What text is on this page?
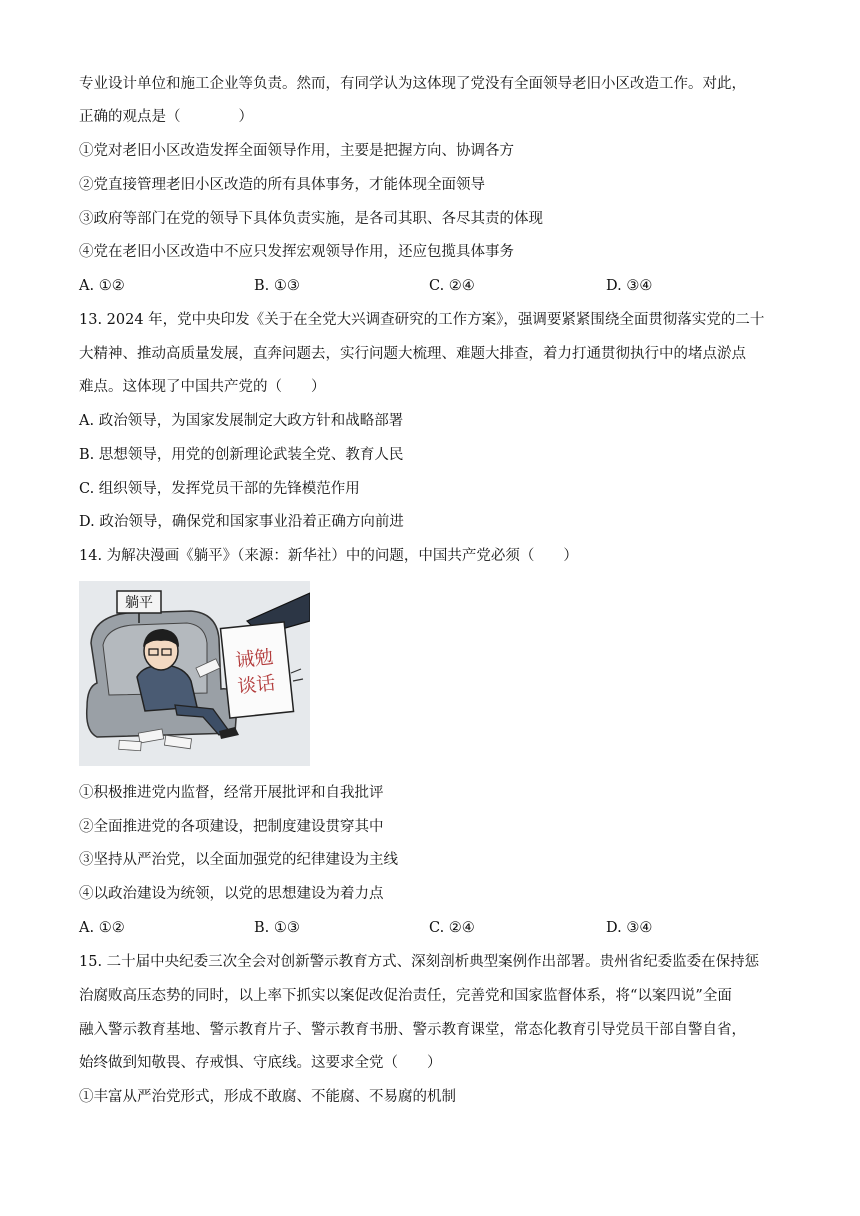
专业设计单位和施工企业等负责。然而，有同学认为这体现了党没有全面领导老旧小区改造工作。对此，
正确的观点是（　　　　）
①党对老旧小区改造发挥全面领导作用，主要是把握方向、协调各方
②党直接管理老旧小区改造的所有具体事务，才能体现全面领导
③政府等部门在党的领导下具体负责实施，是各司其职、各尽其责的体现
④党在老旧小区改造中不应只发挥宏观领导作用，还应包揽具体事务
A. ①②	B. ①③	C. ②④	D. ③④
13. 2024 年，党中央印发《关于在全党大兴调查研究的工作方案》，强调要紧紧围绕全面贯彻落实党的二十
大精神、推动高质量发展，直奔问题去，实行问题大梳理、难题大排查，着力打通贯彻执行中的堵点淤点
难点。这体现了中国共产党的（　　）
A. 政治领导，为国家发展制定大政方针和战略部署
B. 思想领导，用党的创新理论武装全党、教育人民
C. 组织领导，发挥党员干部的先锋模范作用
D. 政治领导，确保党和国家事业沿着正确方向前进
14. 为解决漫画《躺平》（来源：新华社）中的问题，中国共产党必须（　　）
躺平
诫勉
谈话
①积极推进党内监督，经常开展批评和自我批评
②全面推进党的各项建设，把制度建设贯穿其中
③坚持从严治党，以全面加强党的纪律建设为主线
④以政治建设为统领，以党的思想建设为着力点
A. ①②	B. ①③	C. ②④	D. ③④
15. 二十届中央纪委三次全会对创新警示教育方式、深刻剖析典型案例作出部署。贵州省纪委监委在保持惩
治腐败高压态势的同时，以上率下抓实以案促改促治责任，完善党和国家监督体系，将“以案四说”全面
融入警示教育基地、警示教育片子、警示教育书册、警示教育课堂，常态化教育引导党员干部自警自省，
始终做到知敬畏、存戒惧、守底线。这要求全党（　　）
①丰富从严治党形式，形成不敢腐、不能腐、不易腐的机制
